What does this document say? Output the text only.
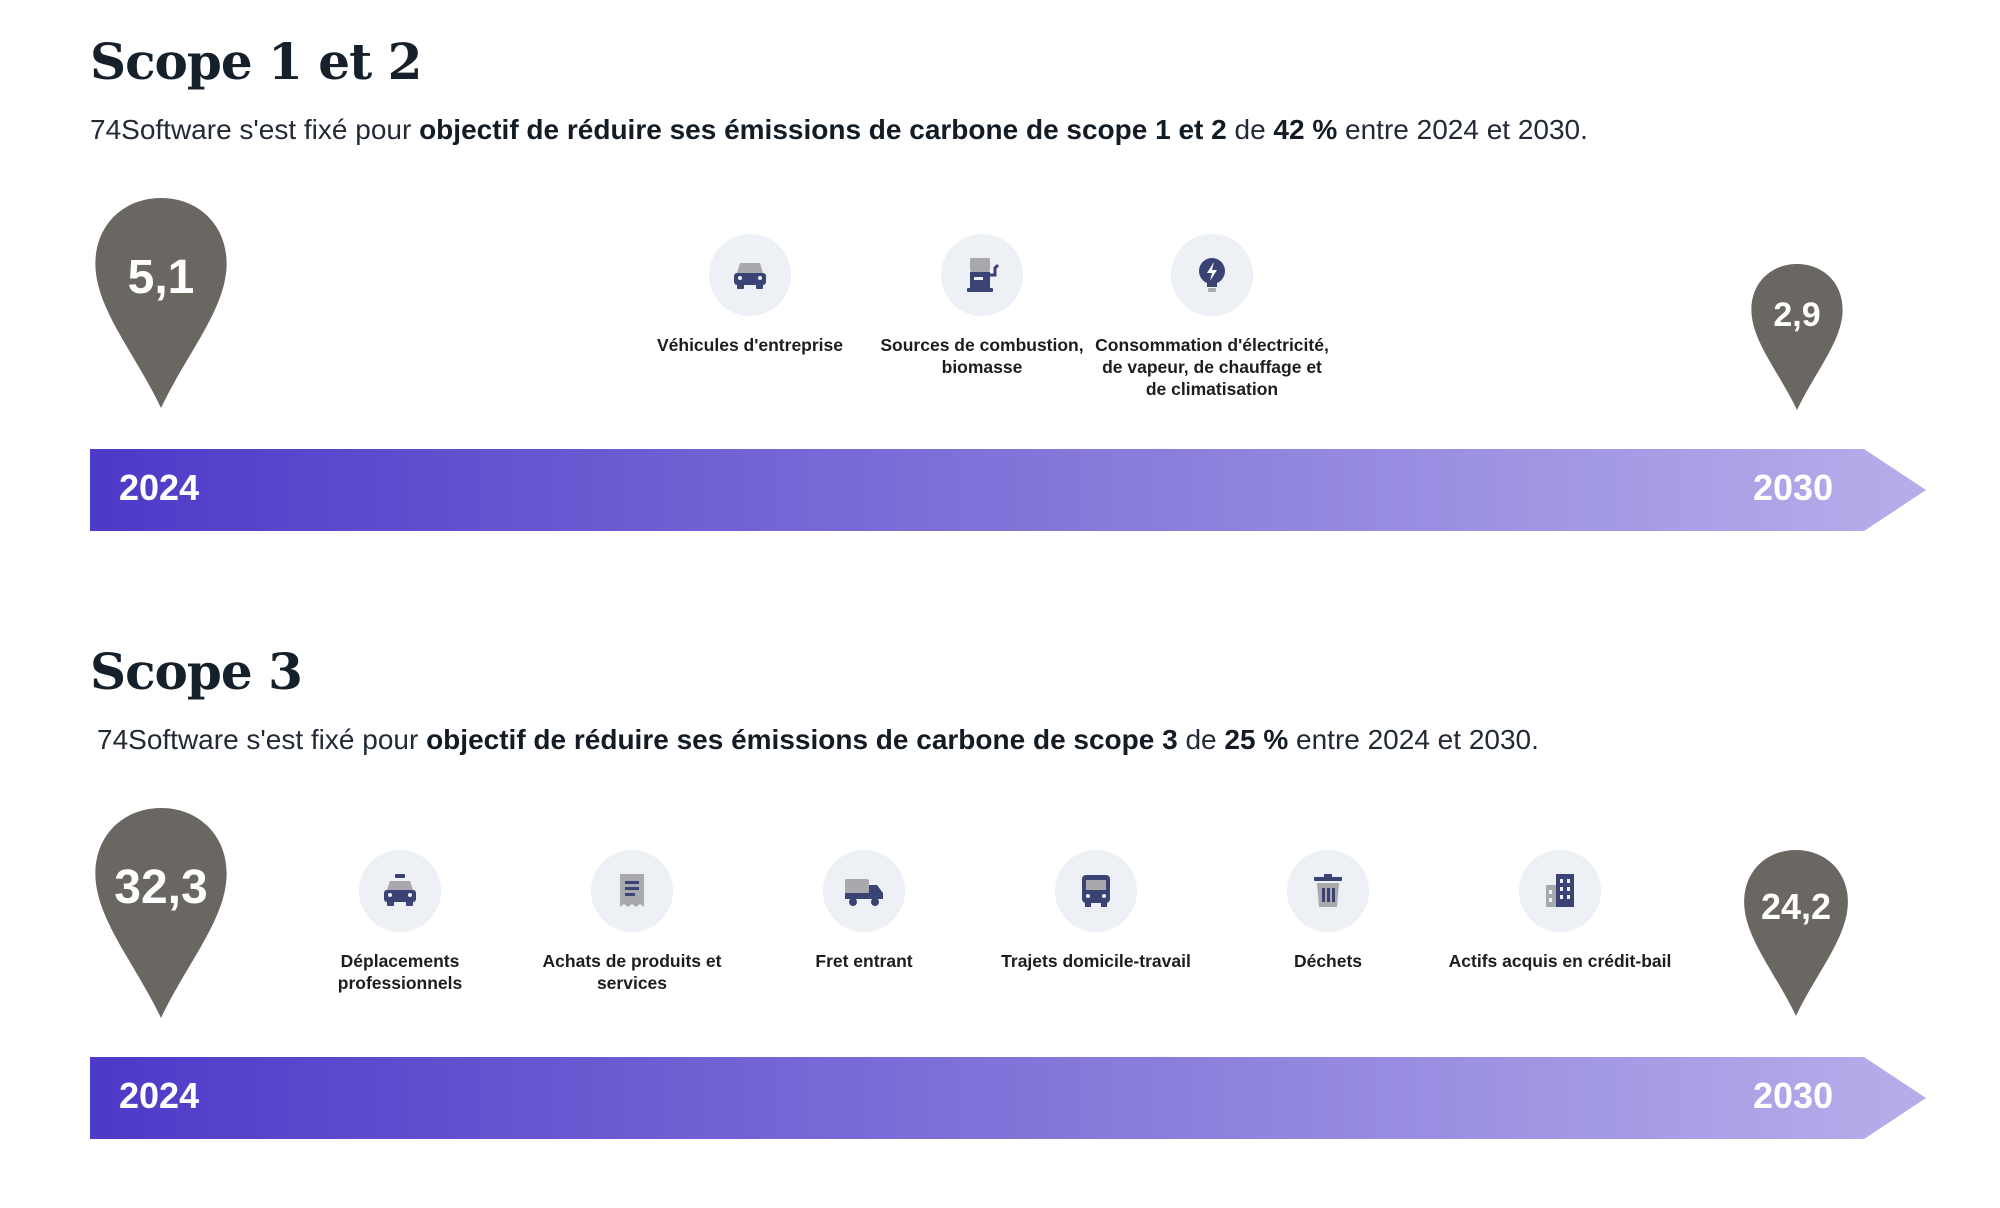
Scope 1 et 2

74Software s'est fixé pour objectif de réduire ses émissions de carbone de scope 1 et 2 de 42 % entre 2024 et 2030.

5,1
Véhicules d'entreprise	Sources de combustion, biomasse
Consommation d'électricité, de vapeur, de chauffage et de climatisation
2,9
2024	2030
Scope 3

74Software s'est fixé pour objectif de réduire ses émissions de carbone de scope 3 de 25 % entre 2024 et 2030.

32,3
Déplacements professionnels
Achats de produits et services
Fret entrant	Trajets domicile-travail	Déchets	Actifs acquis en crédit-bail
24,2
2024	2030
